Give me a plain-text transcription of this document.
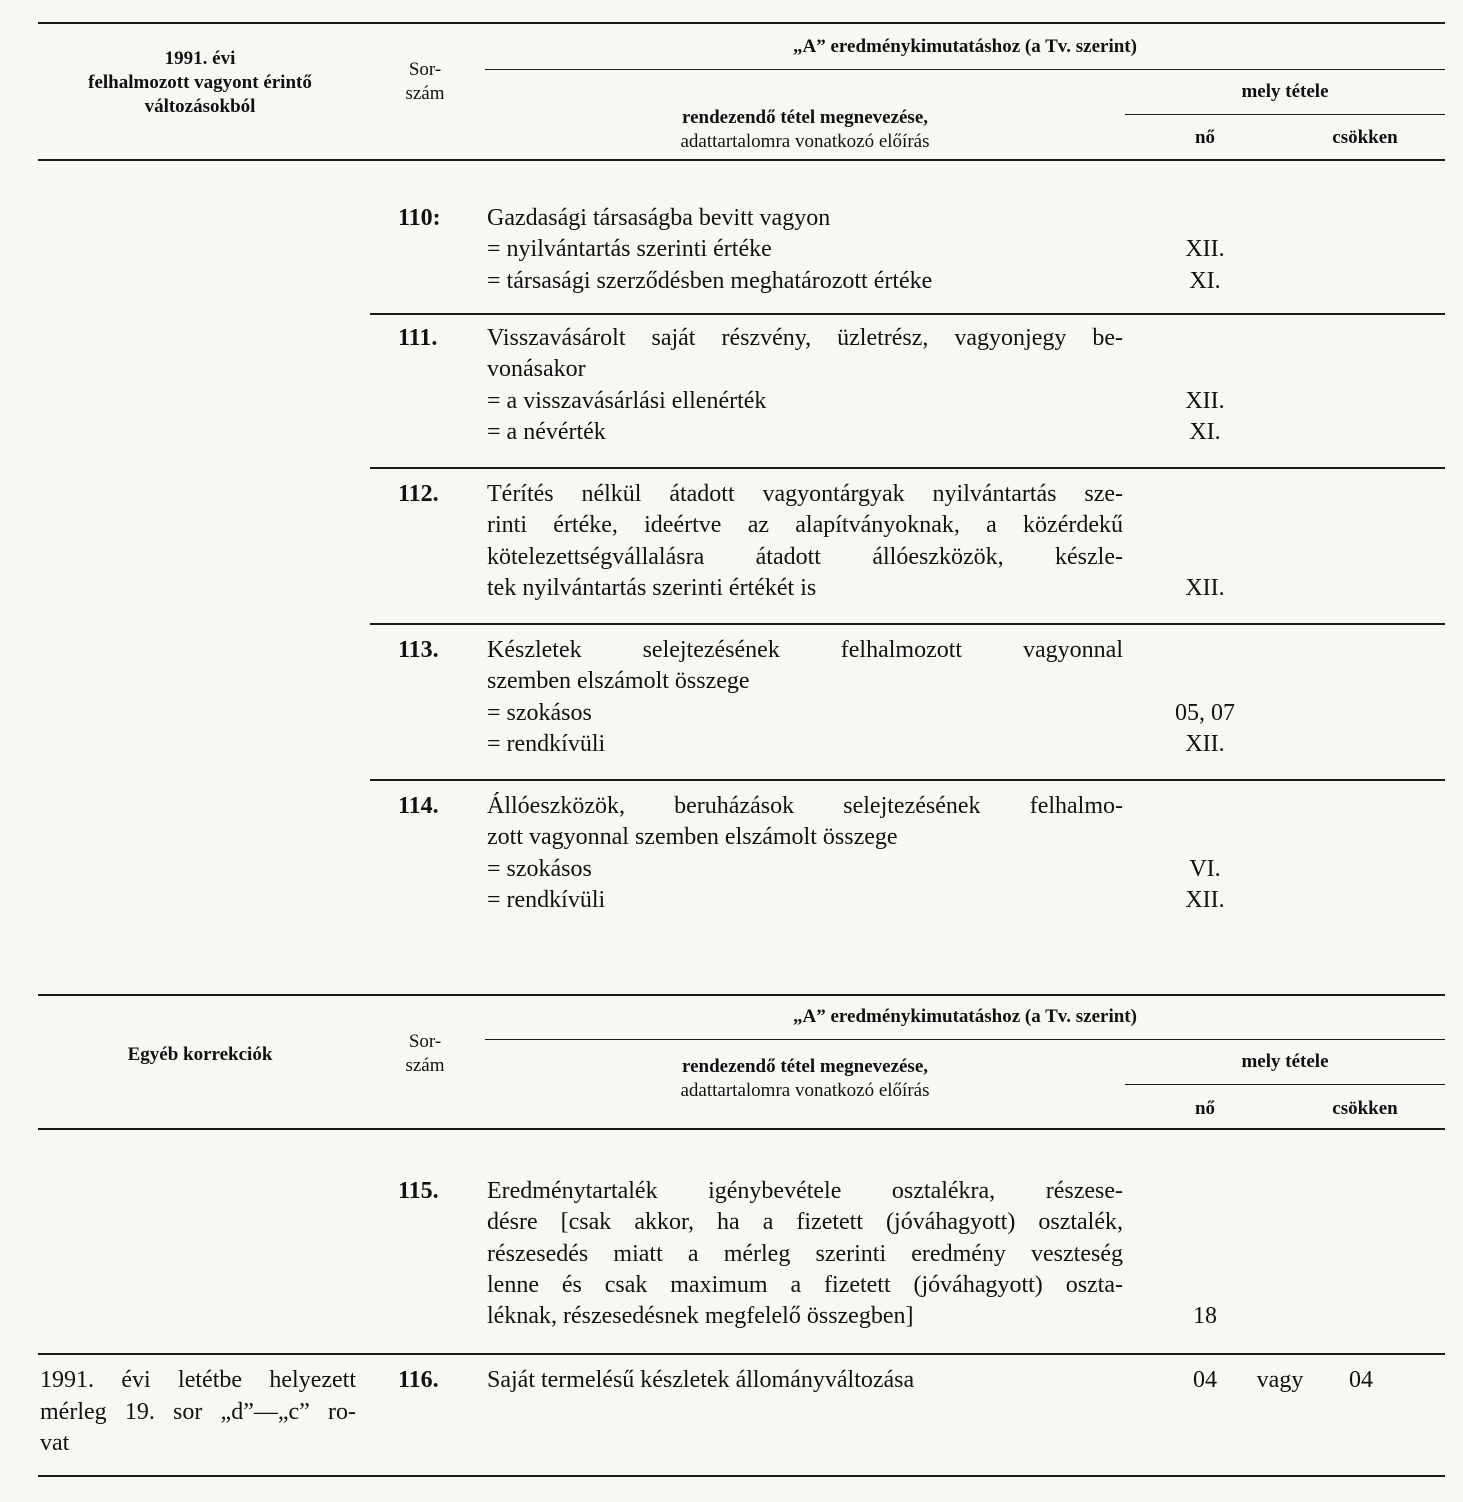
1991. évi
felhalmozott vagyont érintő
változásokból
Sor-
szám
„A” eredménykimutatáshoz (a Tv. szerint)
rendezendő tétel megnevezése,
adattartalomra vonatkozó előírás
mely tétele
nő	csökken
110: Gazdasági társaságba bevitt vagyon
= nyilvántartás szerinti értéke	XII.
= társasági szerződésben meghatározott értéke	XI.
111. Visszavásárolt saját részvény, üzletrész, vagyonjegy be-
vonásakor
= a visszavásárlási ellenérték	XII.
= a névérték	XI.
112. Térítés nélkül átadott vagyontárgyak nyilvántartás sze-
rinti értéke, ideértve az alapítványoknak, a közérdekű
kötelezettségvállalásra átadott állóeszközök, készle-
tek nyilvántartás szerinti értékét is	XII.
113. Készletek selejtezésének felhalmozott vagyonnal
szemben elszámolt összege
= szokásos	05, 07
= rendkívüli	XII.
114. Állóeszközök, beruházások selejtezésének felhalmo-
zott vagyonnal szemben elszámolt összege
= szokásos	VI.
= rendkívüli	XII.
Egyéb korrekciók
Sor-
szám
„A” eredménykimutatáshoz (a Tv. szerint)
rendezendő tétel megnevezése,
adattartalomra vonatkozó előírás
mely tétele
nő	csökken
115. Eredménytartalék igénybevétele osztalékra, részese-
désre [csak akkor, ha a fizetett (jóváhagyott) osztalék,
részesedés miatt a mérleg szerinti eredmény veszteség
lenne és csak maximum a fizetett (jóváhagyott) oszta-
léknak, részesedésnek megfelelő összegben]	18
1991. évi letétbe helyezett
mérleg 19. sor „d”—„c” ro-
vat
116. Saját termelésű készletek állományváltozása	04	vagy	04
